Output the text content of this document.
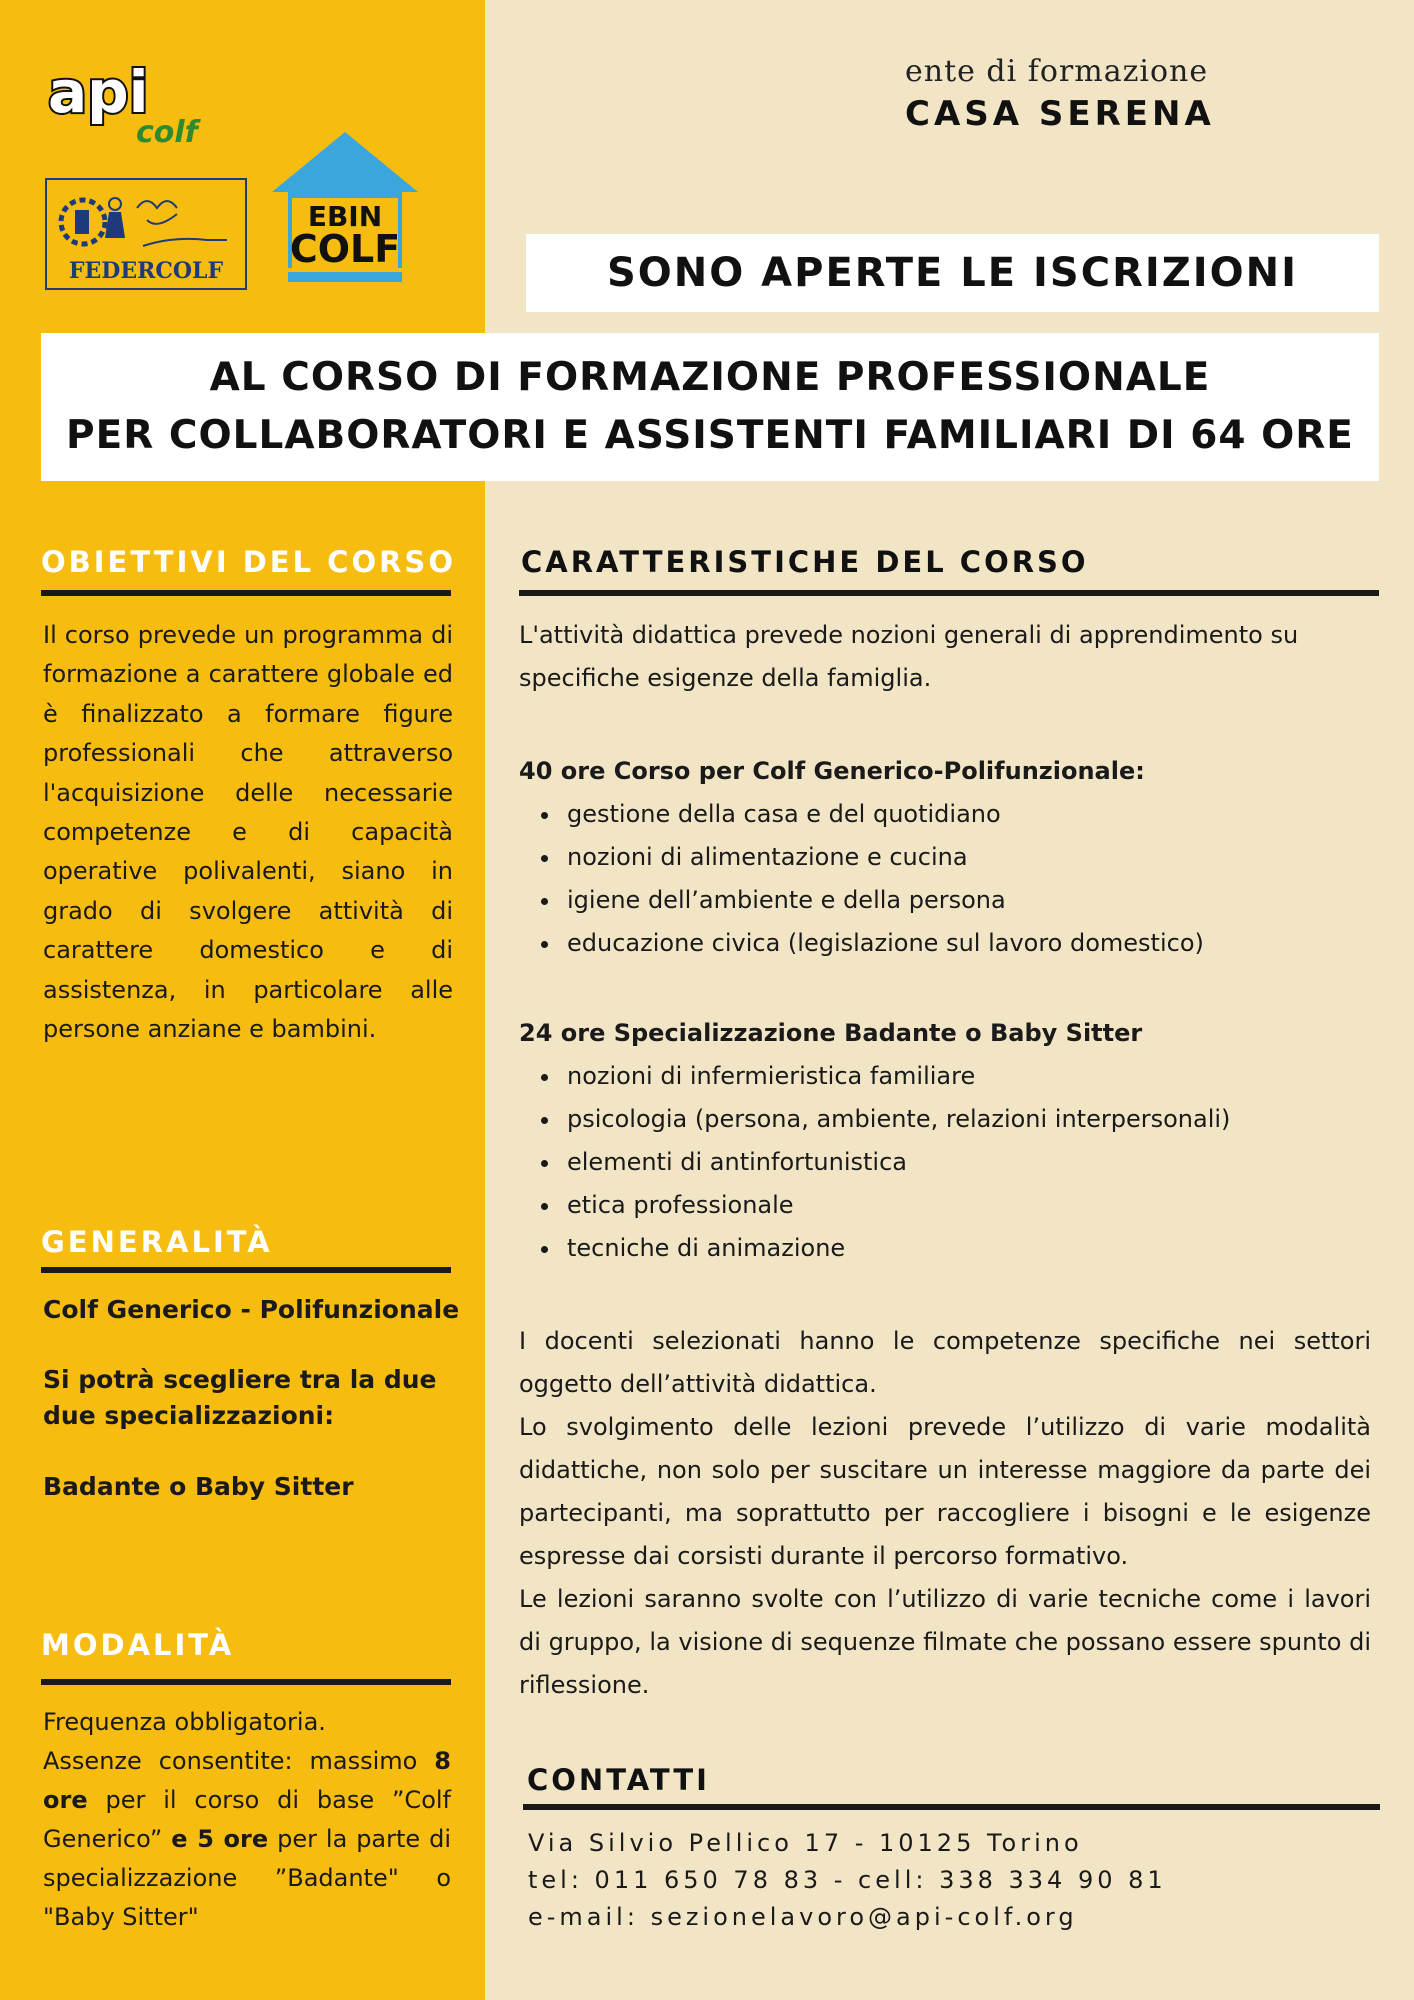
api
colf
FEDERCOLF
EBIN
COLF
ente di formazione
CASA SERENA
SONO APERTE LE ISCRIZIONI
AL CORSO DI FORMAZIONE PROFESSIONALE
PER COLLABORATORI E ASSISTENTI FAMILIARI DI 64 ORE
OBIETTIVI DEL CORSO
Il corso prevede un programma di formazione a carattere globale ed è finalizzato a formare figure professionali che attraverso l'acquisizione delle necessarie competenze e di capacità operative polivalenti, siano in grado di svolgere attività di carattere domestico e di assistenza, in particolare alle persone anziane e bambini.
GENERALITÀ
Colf Generico - Polifunzionale
Si potrà scegliere tra la due due specializzazioni:
Badante o Baby Sitter
MODALITÀ
Frequenza obbligatoria.
Assenze consentite: massimo 8 ore per il corso di base ”Colf Generico” e 5 ore per la parte di specializzazione ”Badante" o "Baby Sitter"
CARATTERISTICHE DEL CORSO
L'attività didattica prevede nozioni generali di apprendimento su specifiche esigenze della famiglia.
40 ore Corso per Colf Generico-Polifunzionale:
gestione della casa e del quotidiano
nozioni di alimentazione e cucina
igiene dell’ambiente e della persona
educazione civica (legislazione sul lavoro domestico)
24 ore Specializzazione Badante o Baby Sitter
nozioni di infermieristica familiare
psicologia (persona, ambiente, relazioni interpersonali)
elementi di antinfortunistica
etica professionale
tecniche di animazione
I docenti selezionati hanno le competenze specifiche nei settori oggetto dell’attività didattica.
Lo svolgimento delle lezioni prevede l’utilizzo di varie modalità didattiche, non solo per suscitare un interesse maggiore da parte dei partecipanti, ma soprattutto per raccogliere i bisogni e le esigenze espresse dai corsisti durante il percorso formativo.
Le lezioni saranno svolte con l’utilizzo di varie tecniche come i lavori di gruppo, la visione di sequenze filmate che possano essere spunto di riflessione.
CONTATTI
Via Silvio Pellico 17 - 10125 Torino
tel: 011 650 78 83 - cell: 338 334 90 81
e-mail: sezionelavoro@api-colf.org
